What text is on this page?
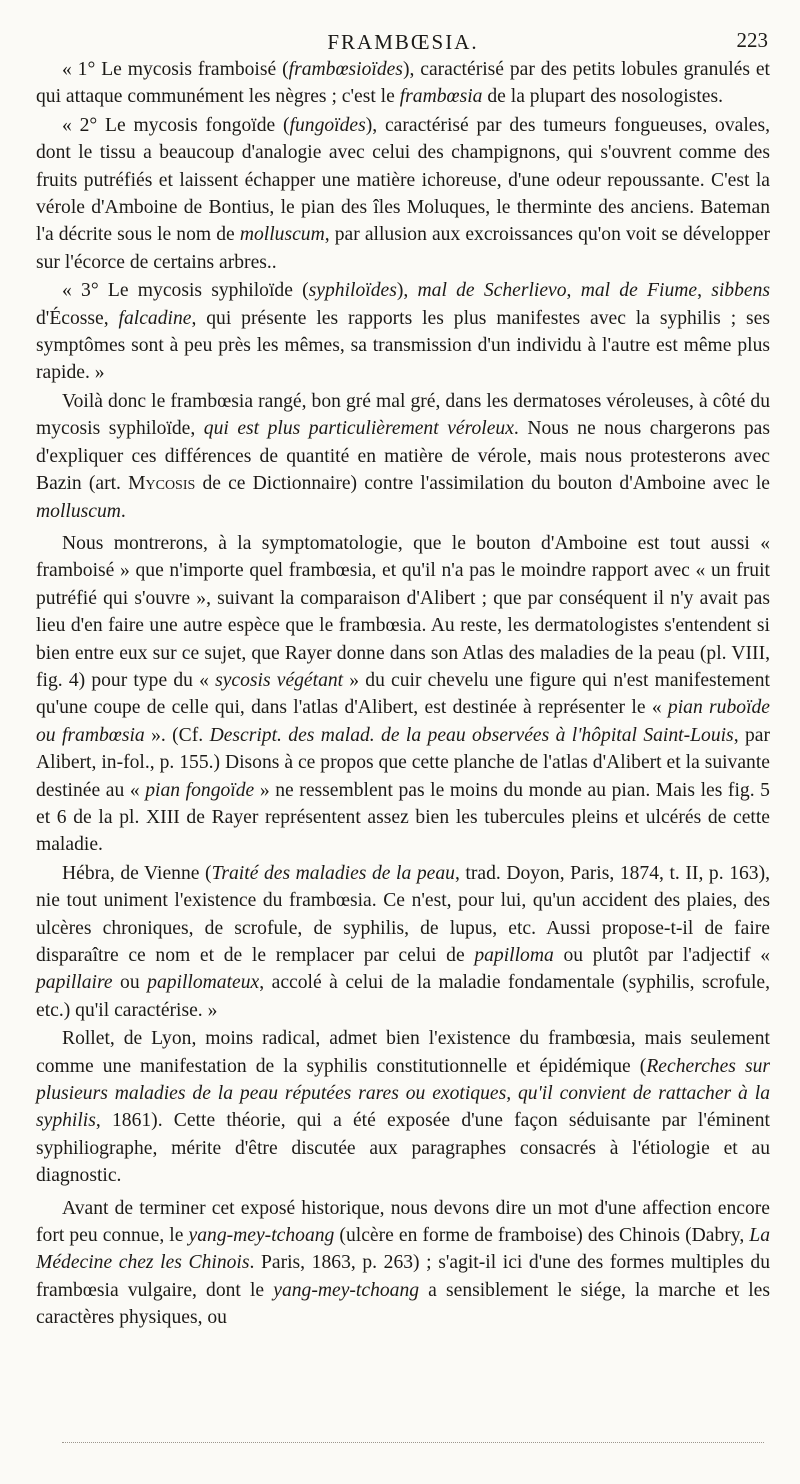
FRAMBŒSIA.	223

« 1° Le mycosis framboisé (frambœsioïdes), caractérisé par des petits lobules granulés et qui attaque communément les nègres ; c'est le frambœsia de la plupart des nosologistes.

« 2° Le mycosis fongoïde (fungoïdes), caractérisé par des tumeurs fongueuses, ovales, dont le tissu a beaucoup d'analogie avec celui des champignons, qui s'ouvrent comme des fruits putréfiés et laissent échapper une matière ichoreuse, d'une odeur repoussante. C'est la vérole d'Amboine de Bontius, le pian des îles Moluques, le therminte des anciens. Bateman l'a décrite sous le nom de molluscum, par allusion aux excroissances qu'on voit se développer sur l'écorce de certains arbres..

« 3° Le mycosis syphiloïde (syphiloïdes), mal de Scherlievo, mal de Fiume, sibbens d'Écosse, falcadine, qui présente les rapports les plus manifestes avec la syphilis ; ses symptômes sont à peu près les mêmes, sa transmission d'un individu à l'autre est même plus rapide. »

Voilà donc le frambœsia rangé, bon gré mal gré, dans les dermatoses véroleuses, à côté du mycosis syphiloïde, qui est plus particulièrement véroleux. Nous ne nous chargerons pas d'expliquer ces différences de quantité en matière de vérole, mais nous protesterons avec Bazin (art. Mycosis de ce Dictionnaire) contre l'assimilation du bouton d'Amboine avec le molluscum.

Nous montrerons, à la symptomatologie, que le bouton d'Amboine est tout aussi « framboisé » que n'importe quel frambœsia, et qu'il n'a pas le moindre rapport avec « un fruit putréfié qui s'ouvre », suivant la comparaison d'Alibert ; que par conséquent il n'y avait pas lieu d'en faire une autre espèce que le frambœsia. Au reste, les dermatologistes s'entendent si bien entre eux sur ce sujet, que Rayer donne dans son Atlas des maladies de la peau (pl. VIII, fig. 4) pour type du « sycosis végétant » du cuir chevelu une figure qui n'est manifestement qu'une coupe de celle qui, dans l'atlas d'Alibert, est destinée à représenter le « pian ruboïde ou frambœsia ». (Cf. Descript. des malad. de la peau observées à l'hôpital Saint-Louis, par Alibert, in-fol., p. 155.) Disons à ce propos que cette planche de l'atlas d'Alibert et la suivante destinée au « pian fongoïde » ne ressemblent pas le moins du monde au pian. Mais les fig. 5 et 6 de la pl. XIII de Rayer représentent assez bien les tubercules pleins et ulcérés de cette maladie.

Hébra, de Vienne (Traité des maladies de la peau, trad. Doyon, Paris, 1874, t. II, p. 163), nie tout uniment l'existence du frambœsia. Ce n'est, pour lui, qu'un accident des plaies, des ulcères chroniques, de scrofule, de syphilis, de lupus, etc. Aussi propose-t-il de faire disparaître ce nom et de le remplacer par celui de papilloma ou plutôt par l'adjectif « papillaire ou papillomateux, accolé à celui de la maladie fondamentale (syphilis, scrofule, etc.) qu'il caractérise. »

Rollet, de Lyon, moins radical, admet bien l'existence du frambœsia, mais seulement comme une manifestation de la syphilis constitutionnelle et épidémique (Recherches sur plusieurs maladies de la peau réputées rares ou exotiques, qu'il convient de rattacher à la syphilis, 1861). Cette théorie, qui a été exposée d'une façon séduisante par l'éminent syphiliographe, mérite d'être discutée aux paragraphes consacrés à l'étiologie et au diagnostic.

Avant de terminer cet exposé historique, nous devons dire un mot d'une affection encore fort peu connue, le yang-mey-tchoang (ulcère en forme de framboise) des Chinois (Dabry, La Médecine chez les Chinois. Paris, 1863, p. 263) ; s'agit-il ici d'une des formes multiples du frambœsia vulgaire, dont le yang-mey-tchoang a sensiblement le siége, la marche et les caractères physiques, ou
